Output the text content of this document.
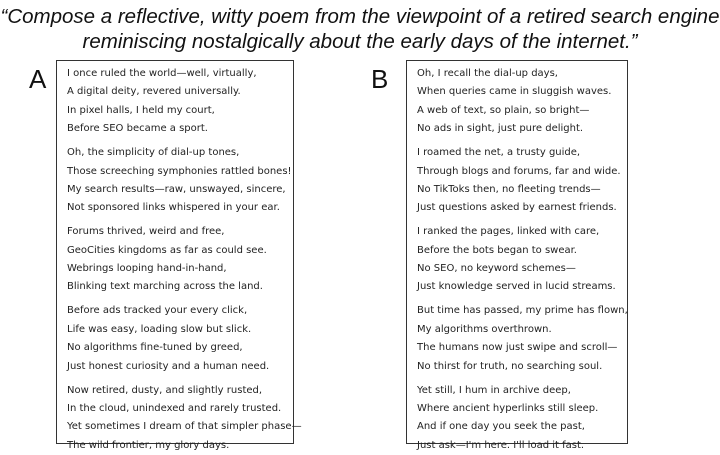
“Compose a reflective, witty poem from the viewpoint of a retired search engine
reminiscing nostalgically about the early days of the internet.”
A I once ruled the world—well, virtually,
A digital deity, revered universally.
In pixel halls, I held my court,
Before SEO became a sport.
Oh, the simplicity of dial-up tones,
Those screeching symphonies rattled bones!
My search results—raw, unswayed, sincere,
Not sponsored links whispered in your ear.
Forums thrived, weird and free,
GeoCities kingdoms as far as could see.
Webrings looping hand-in-hand,
Blinking text marching across the land.
Before ads tracked your every click,
Life was easy, loading slow but slick.
No algorithms fine-tuned by greed,
Just honest curiosity and a human need.
Now retired, dusty, and slightly rusted,
In the cloud, unindexed and rarely trusted.
Yet sometimes I dream of that simpler phase—
The wild frontier, my glory days.
B	Oh, I recall the dial-up days,
When queries came in sluggish waves.
A web of text, so plain, so bright—
No ads in sight, just pure delight.
I roamed the net, a trusty guide,
Through blogs and forums, far and wide.
No TikToks then, no fleeting trends—
Just questions asked by earnest friends.
I ranked the pages, linked with care,
Before the bots began to swear.
No SEO, no keyword schemes—
Just knowledge served in lucid streams.
But time has passed, my prime has flown,
My algorithms overthrown.
The humans now just swipe and scroll—
No thirst for truth, no searching soul.
Yet still, I hum in archive deep,
Where ancient hyperlinks still sleep.
And if one day you seek the past,
Just ask—I'm here. I'll load it fast.
